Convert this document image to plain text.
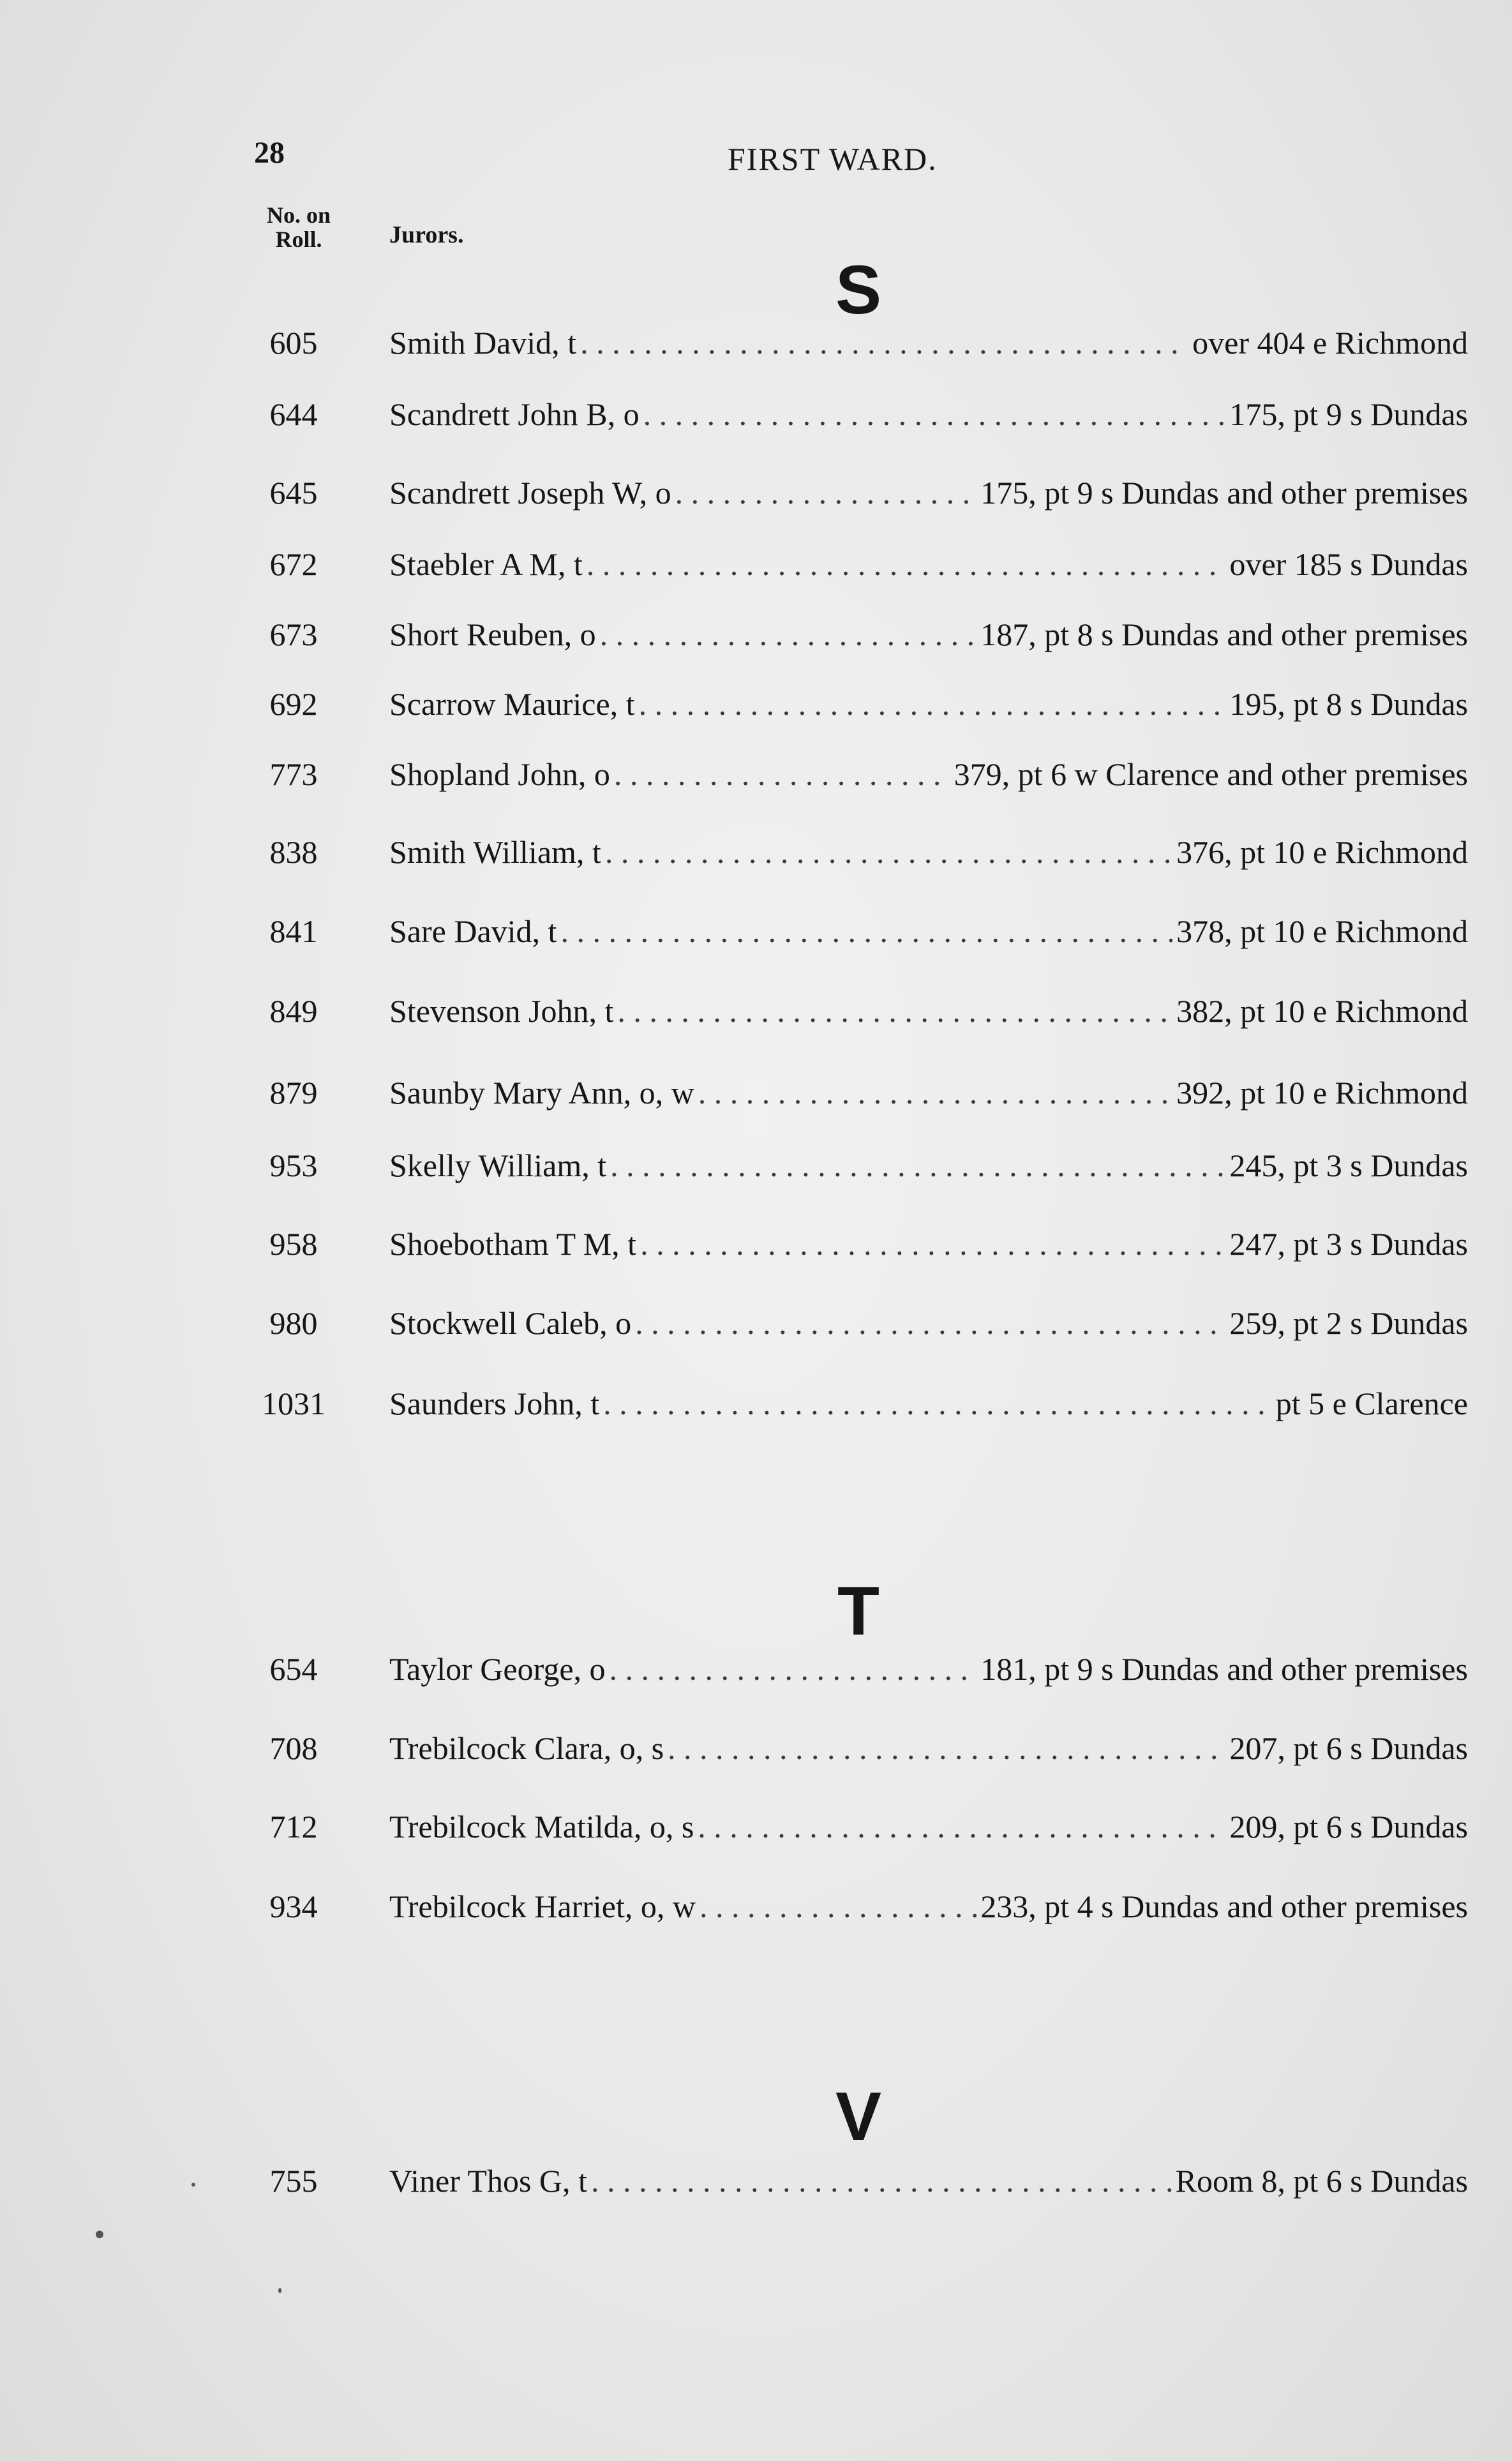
28	FIRST WARD.
No. on
Roll.	Jurors.
S
605	Smith David, t . . .	over 404 e Richmond
644	Scandrett John B, o . . .	175, pt 9 s Dundas
645	Scandrett Joseph W, o . . .	175, pt 9 s Dundas and other premises
672	Staebler A M, t . . .	over 185 s Dundas
673	Short Reuben, o . . .	187, pt 8 s Dundas and other premises
692	Scarrow Maurice, t . . .	195, pt 8 s Dundas
773	Shopland John, o . . .	379, pt 6 w Clarence and other premises
838	Smith William, t . . .	376, pt 10 e Richmond
841	Sare David, t . . .	378, pt 10 e Richmond
849	Stevenson John, t . . .	382, pt 10 e Richmond
879	Saunby Mary Ann, o, w . . .	392, pt 10 e Richmond
953	Skelly William, t . . .	245, pt 3 s Dundas
958	Shoebotham T M, t . . .	247, pt 3 s Dundas
980	Stockwell Caleb, o . . .	259, pt 2 s Dundas
1031	Saunders John, t . . .	pt 5 e Clarence
T
654	Taylor George, o . . .	181, pt 9 s Dundas and other premises
708	Trebilcock Clara, o, s . . .	207, pt 6 s Dundas
712	Trebilcock Matilda, o, s . . .	209, pt 6 s Dundas
934	Trebilcock Harriet, o, w . . .	233, pt 4 s Dundas and other premises
V
755	Viner Thos G, t . . .	Room 8, pt 6 s Dundas
